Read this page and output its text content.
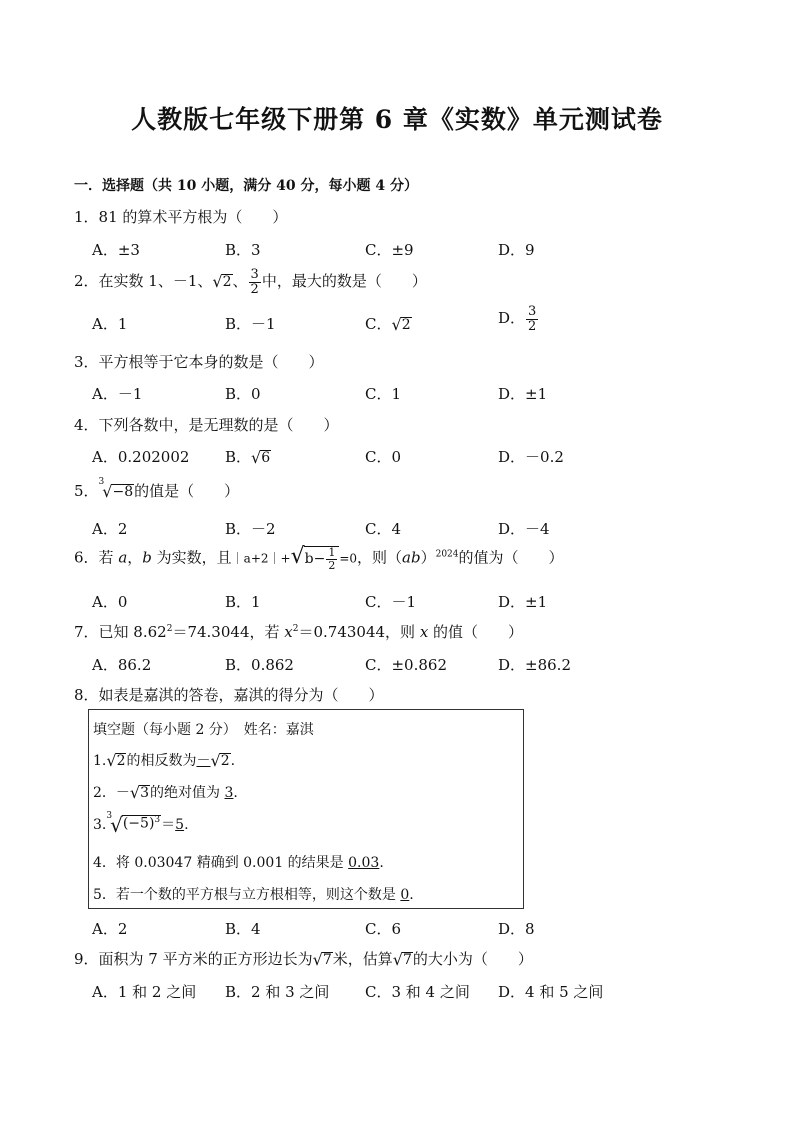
人教版七年级下册第 6 章《实数》单元测试卷
一．选择题（共 10 小题，满分 40 分，每小题 4 分）
1．81 的算术平方根为（　　）
A．±3	B．3	C．±9	D．9
2．在实数 1、－1、 √ 2 、 $\frac{3}{2}$ 中，最大的数是（　　）
A．1	B．－1	C． √ 2	D． $\frac{3}{2}$
3．平方根等于它本身的数是（　　）
A．－1	B．0	C．1	D．±1
4．下列各数中，是无理数的是（　　）
A．0.202002 B． √ 6	C．0	D．－0.2
5．$^3$
√ −8 的值是（　　）
A．2	B．－2	C．4	D．－4
6．若 a，b 为实数，且｜a+2｜+ √ $b- \frac{1}{2} =0$，则（ab）$^{2024}$的值为（　　）
A．0	B．1	C．－1	D．±1
7．已知 $8.62^2=74.3044$，若 $x^2=0.743044$，则 x 的值（　　）
A．86.2	B．0.862	C．±0.862	D．±86.2
8．如表是嘉淇的答卷，嘉淇的得分为（　　）
填空题（每小题 2 分）　姓名：嘉淇
1. √ 2 的相反数为－ √ 2 .
2．－ √ 3 的绝对值为 3.
3.$^3$
√ $(-5)^3 =5$.
4．将 0.03047 精确到 0.001 的结果是 0.03.
5．若一个数的平方根与立方根相等，则这个数是 0.
A．2	B．4	C．6	D．8
9．面积为 7 平方米的正方形边长为 √ 7 米，估算 √ 7 的大小为（　　）
A．1 和 2 之间 B．2 和 3 之间 C．3 和 4 之间 D．4 和 5 之间
